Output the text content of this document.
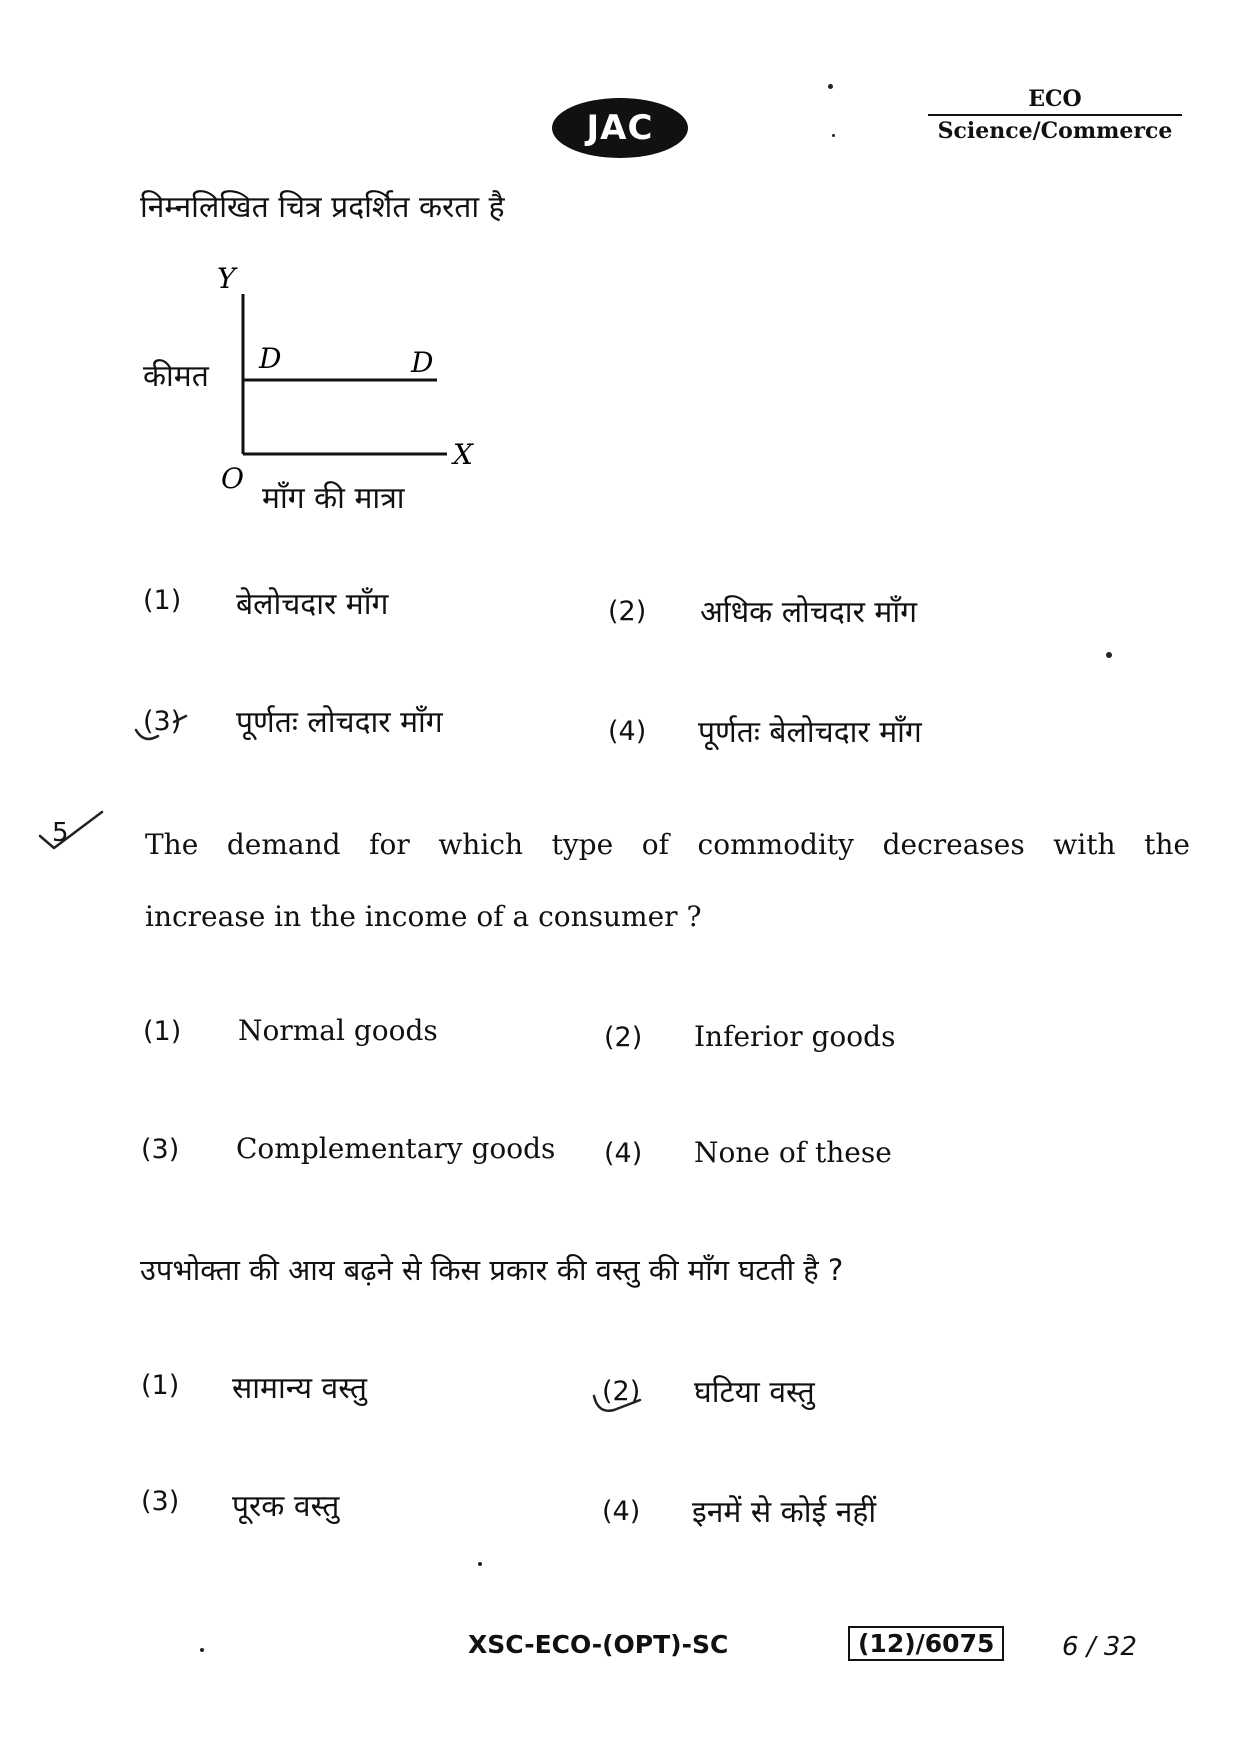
JAC
ECO
Science/Commerce
निम्नलिखित चित्र प्रदर्शित करता है
Y
X
O
D	D
कीमत
माँग की मात्रा
(1) बेलोचदार माँग	(2) अधिक लोचदार माँग
(3) पूर्णतः लोचदार माँग	(4) पूर्णतः बेलोचदार माँग
5	The demand for which type of commodity decreases with the
increase in the income of a consumer ?
(1) Normal goods	(2) Inferior goods
(3) Complementary goods (4) None of these
उपभोक्ता की आय बढ़ने से किस प्रकार की वस्तु की माँग घटती है ?
(1) सामान्य वस्तु	(2) घटिया वस्तु
(3) पूरक वस्तु	(4) इनमें से कोई नहीं
XSC-ECO-(OPT)-SC	(12)/6075	6 / 32
